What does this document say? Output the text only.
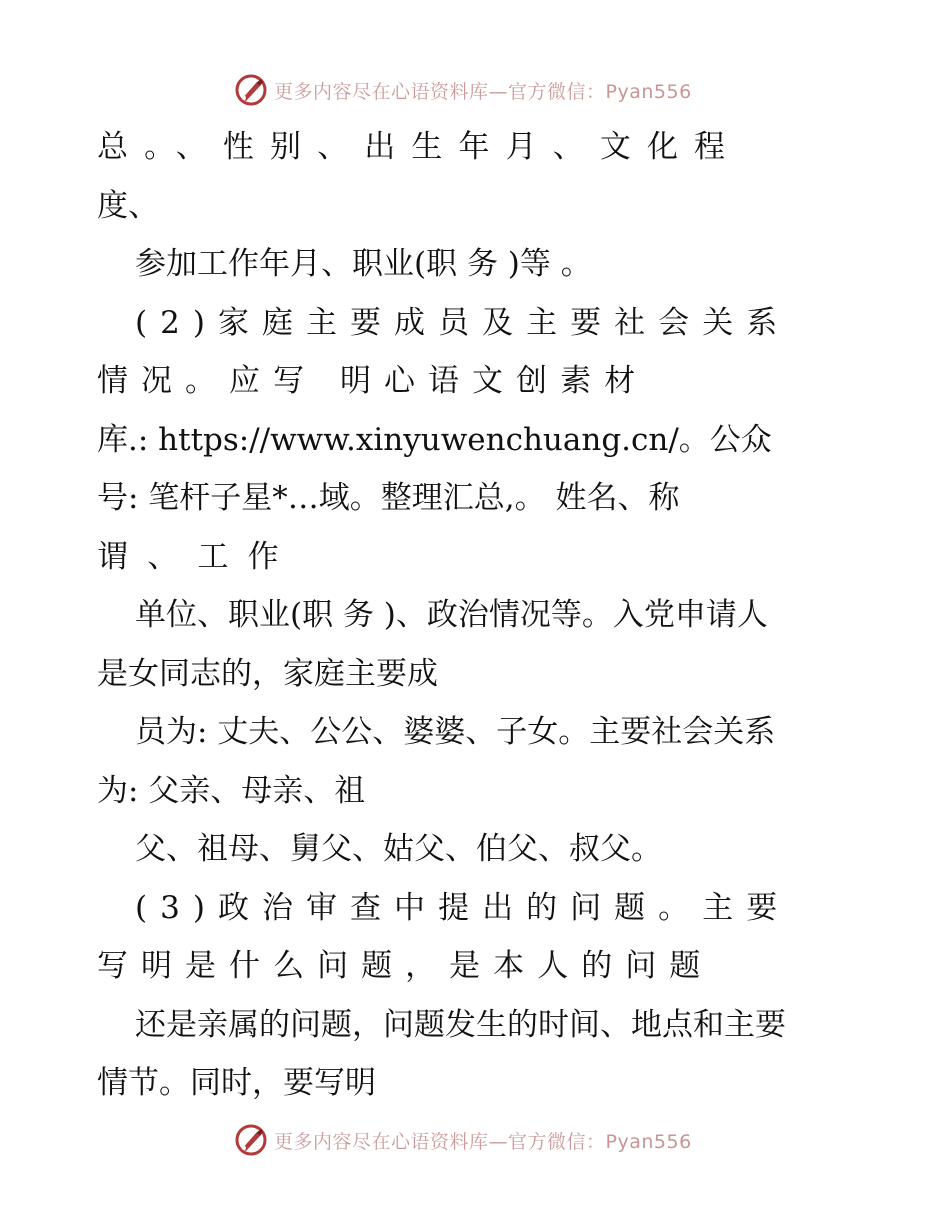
更多内容尽在心语资料库—官方微信：Pyan556
总。、性别、出生年月、文化程
度、
参加工作年月、职业(职 务 )等 。
(2)家庭主要成员及主要社会关系
情况。应写 明心语文创素材
库.: https://www.xinyuwenchuang.cn/。公众
号: 笔杆子星*…域。整理汇总,。 姓名、称
谓、工作
单位、职业(职 务 )、政治情况等。入党申请人
是女同志的，家庭主要成
员为: 丈夫、公公、婆婆、子女。主要社会关系
为: 父亲、母亲、祖
父、祖母、舅父、姑父、伯父、叔父。
(3)政治审查中提出的问题。主要
写明是什么问题，是本人的问题
还是亲属的问题，问题发生的时间、地点和主要
情节。同时，要写明
更多内容尽在心语资料库—官方微信：Pyan556
